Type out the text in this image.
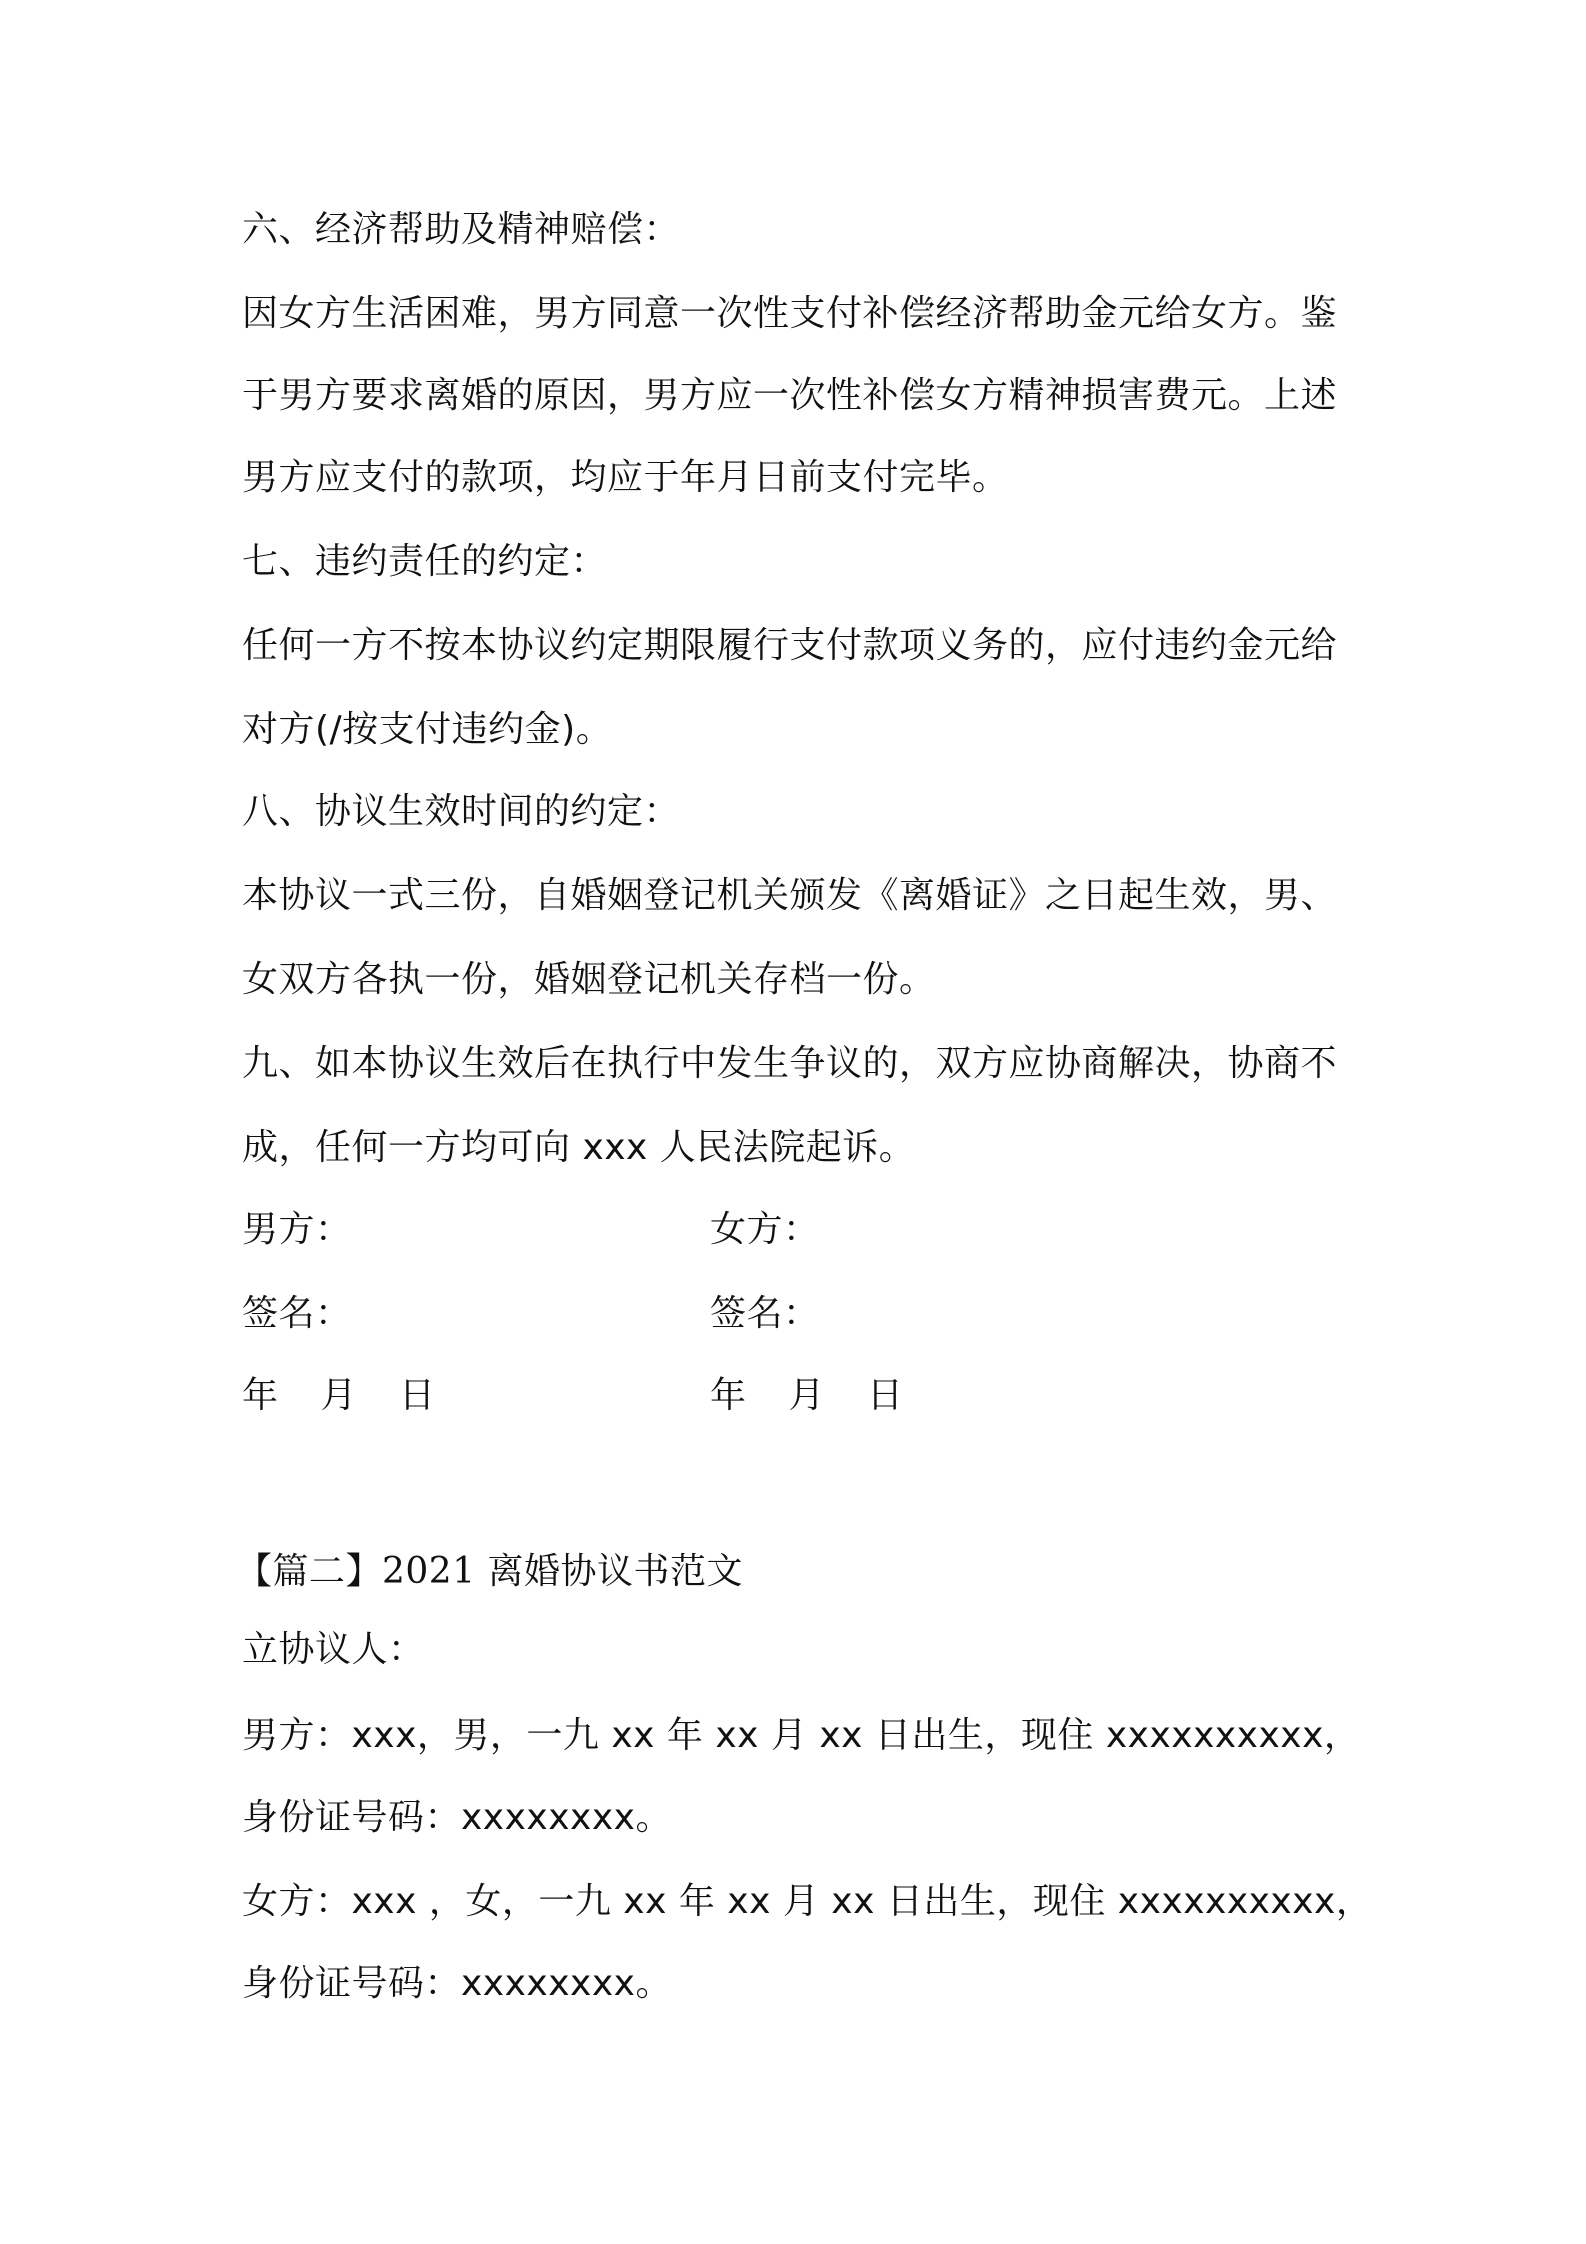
六、经济帮助及精神赔偿：
因女方生活困难，男方同意一次性支付补偿经济帮助金元给女方。鉴
于男方要求离婚的原因，男方应一次性补偿女方精神损害费元。上述
男方应支付的款项，均应于年月日前支付完毕。
七、违约责任的约定：
任何一方不按本协议约定期限履行支付款项义务的，应付违约金元给
对方(/按支付违约金)。
八、协议生效时间的约定：
本协议一式三份，自婚姻登记机关颁发《离婚证》之日起生效，男、
女双方各执一份，婚姻登记机关存档一份。
九、如本协议生效后在执行中发生争议的，双方应协商解决，协商不
成，任何一方均可向 xxx 人民法院起诉。
男方：	女方：
签名：	签名：
年 月 日	年 月 日
【篇二】2021 离婚协议书范文
立协议人：
男方：xxx，男，一九 xx 年 xx 月 xx 日出生，现住 xxxxxxxxxx，
身份证号码：xxxxxxxx。
女方：xxx ，女，一九 xx 年 xx 月 xx 日出生，现住 xxxxxxxxxx，
身份证号码：xxxxxxxx。
